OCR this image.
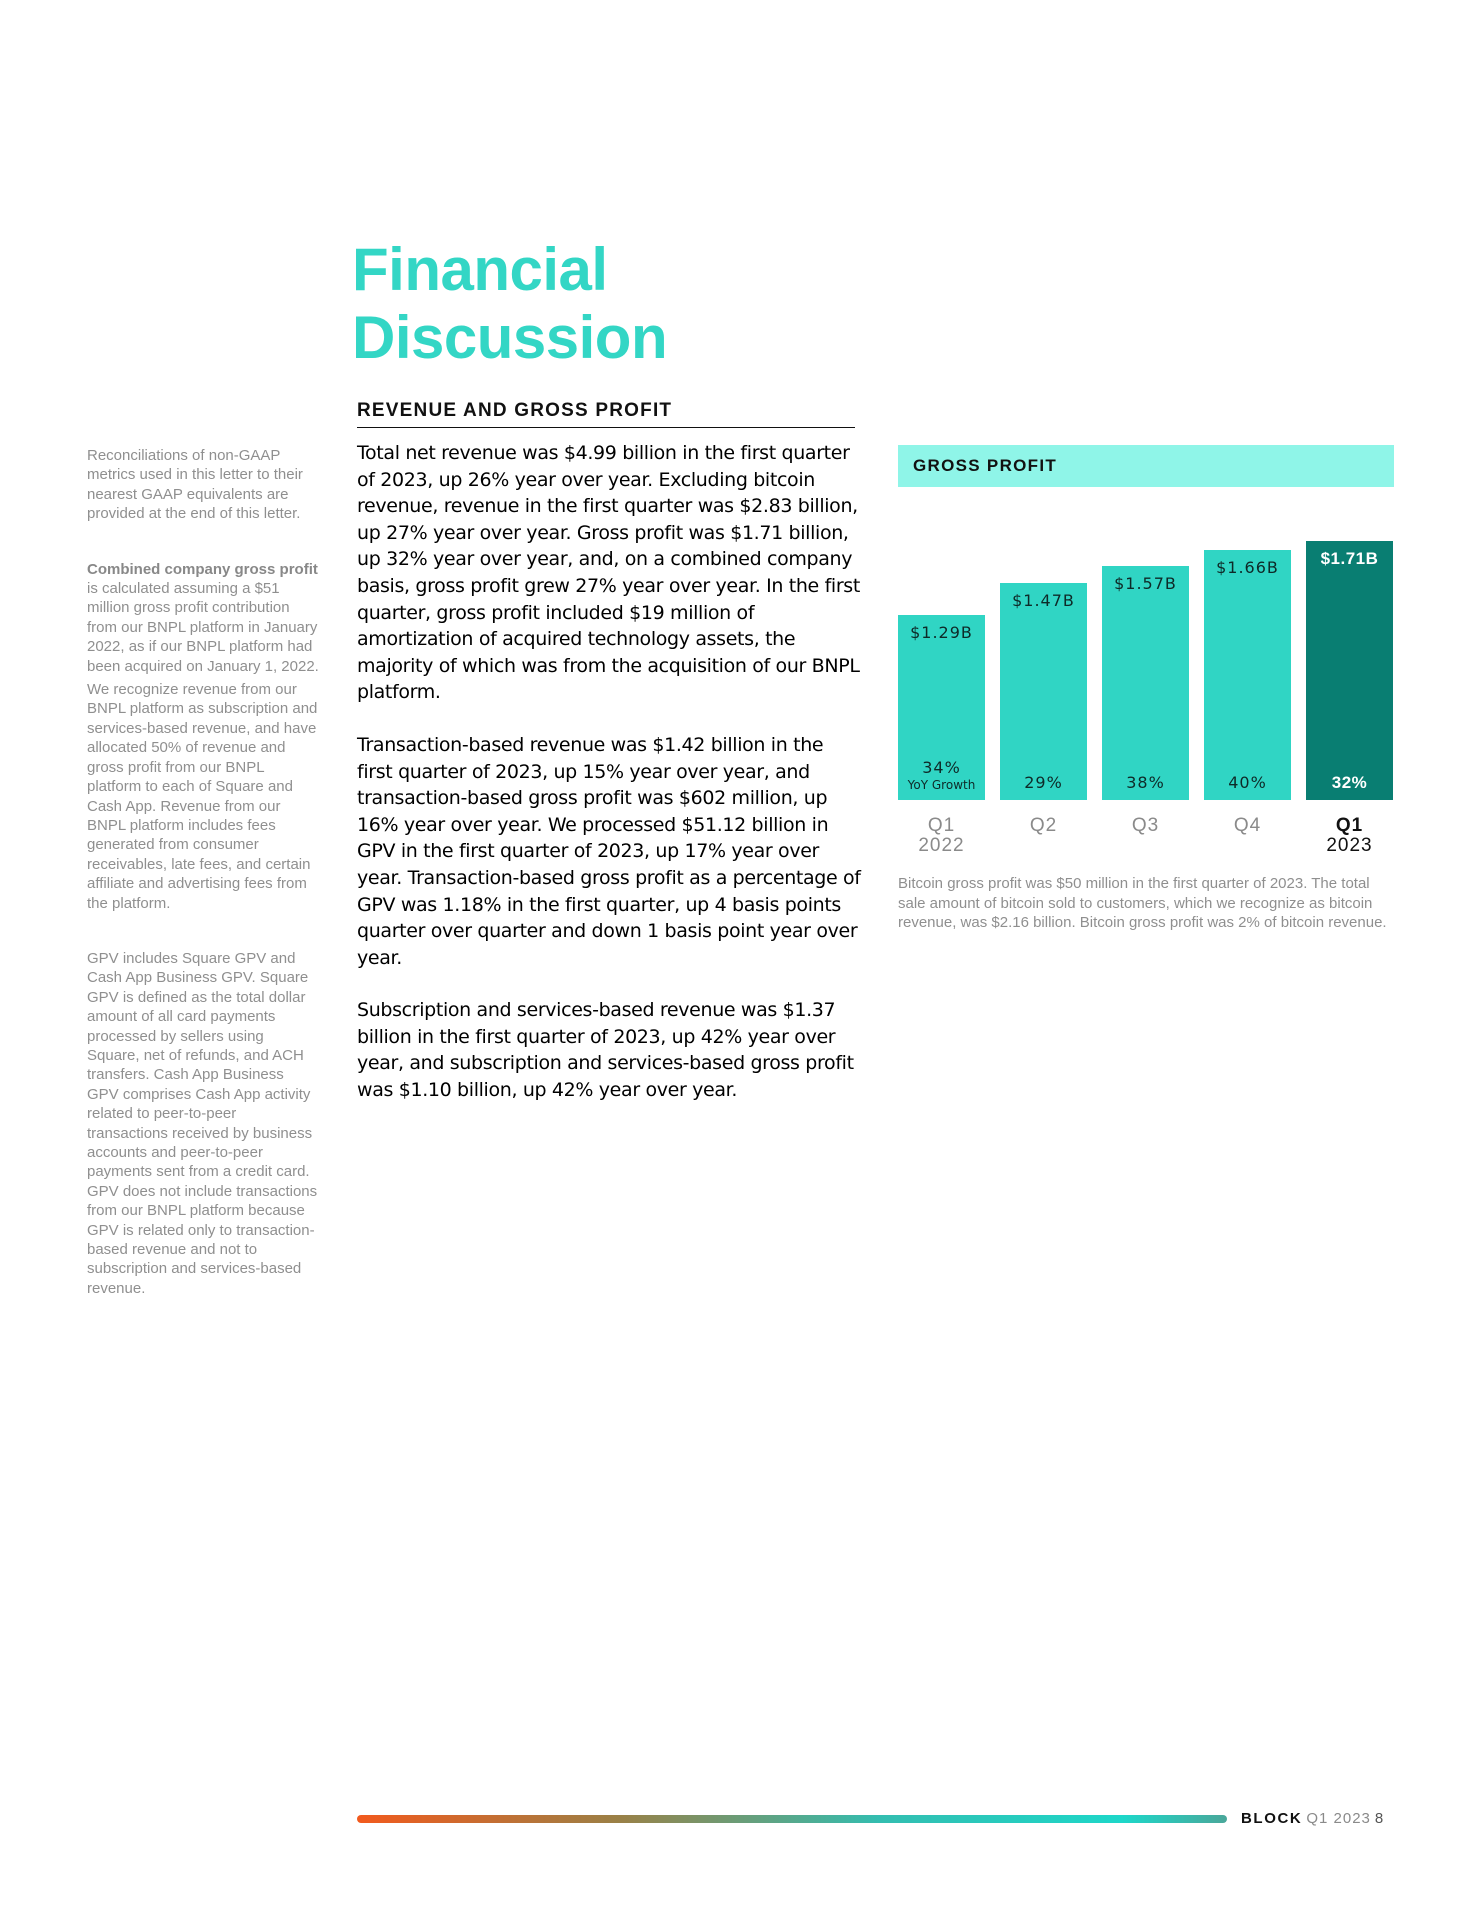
Financial
Discussion
REVENUE AND GROSS PROFIT

Reconciliations of non-GAAP metrics used in this letter to their nearest GAAP equivalents are provided at the end of this letter.

Combined company gross profit is calculated assuming a $51 million gross profit contribution from our BNPL platform in January 2022, as if our BNPL platform had been acquired on January 1, 2022.

We recognize revenue from our BNPL platform as subscription and services-based revenue, and have allocated 50% of revenue and gross profit from our BNPL platform to each of Square and Cash App. Revenue from our BNPL platform includes fees generated from consumer receivables, late fees, and certain affiliate and advertising fees from the platform.

GPV includes Square GPV and Cash App Business GPV. Square GPV is defined as the total dollar amount of all card payments processed by sellers using Square, net of refunds, and ACH transfers. Cash App Business GPV comprises Cash App activity related to peer-to-peer transactions received by business accounts and peer-to-peer payments sent from a credit card. GPV does not include transactions from our BNPL platform because GPV is related only to transaction-based revenue and not to subscription and services-based revenue.

Total net revenue was $4.99 billion in the first quarter of 2023, up 26% year over year. Excluding bitcoin revenue, revenue in the first quarter was $2.83 billion, up 27% year over year. Gross profit was $1.71 billion, up 32% year over year, and, on a combined company basis, gross profit grew 27% year over year. In the first quarter, gross profit included $19 million of amortization of acquired technology assets, the majority of which was from the acquisition of our BNPL platform.

Transaction-based revenue was $1.42 billion in the first quarter of 2023, up 15% year over year, and transaction-based gross profit was $602 million, up 16% year over year. We processed $51.12 billion in GPV in the first quarter of 2023, up 17% year over year. Transaction-based gross profit as a percentage of GPV was 1.18% in the first quarter, up 4 basis points quarter over quarter and down 1 basis point year over year.

Subscription and services-based revenue was $1.37 billion in the first quarter of 2023, up 42% year over year, and subscription and services-based gross profit was $1.10 billion, up 42% year over year.

GROSS PROFIT
$1.29B
34%
YoY Growth
Q1
2022
$1.47B
29%
Q2
$1.57B
38%
Q3
$1.66B
40%
Q4
$1.71B
32%
Q1
2023

Bitcoin gross profit was $50 million in the first quarter of 2023. The total sale amount of bitcoin sold to customers, which we recognize as bitcoin revenue, was $2.16 billion. Bitcoin gross profit was 2% of bitcoin revenue.

BLOCK Q1 2023 8
